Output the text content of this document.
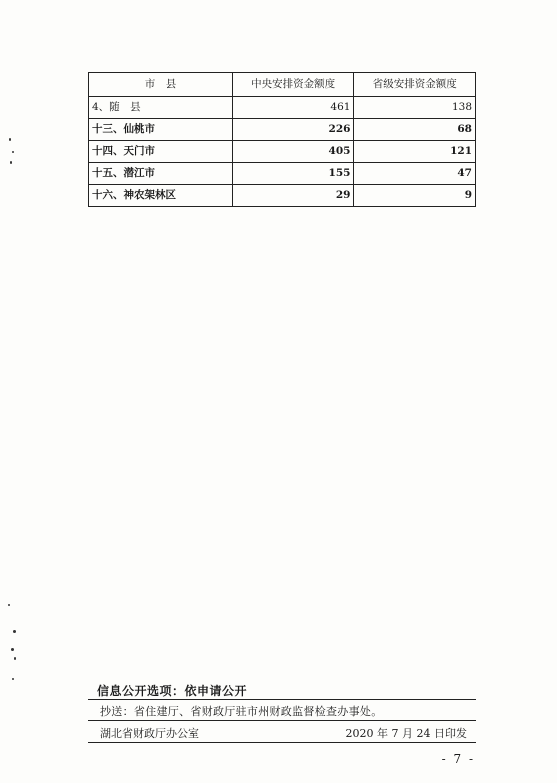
市　县	中央安排资金额度	省级安排资金额度
4、随　县	461	138
十三、仙桃市	226	68
十四、天门市	405	121
十五、潜江市	155	47
十六、神农架林区	29	9
信息公开选项：依申请公开
抄送：省住建厅、省财政厅驻市州财政监督检查办事处。
湖北省财政厅办公室	2020 年 7 月 24 日印发
- 7 -
